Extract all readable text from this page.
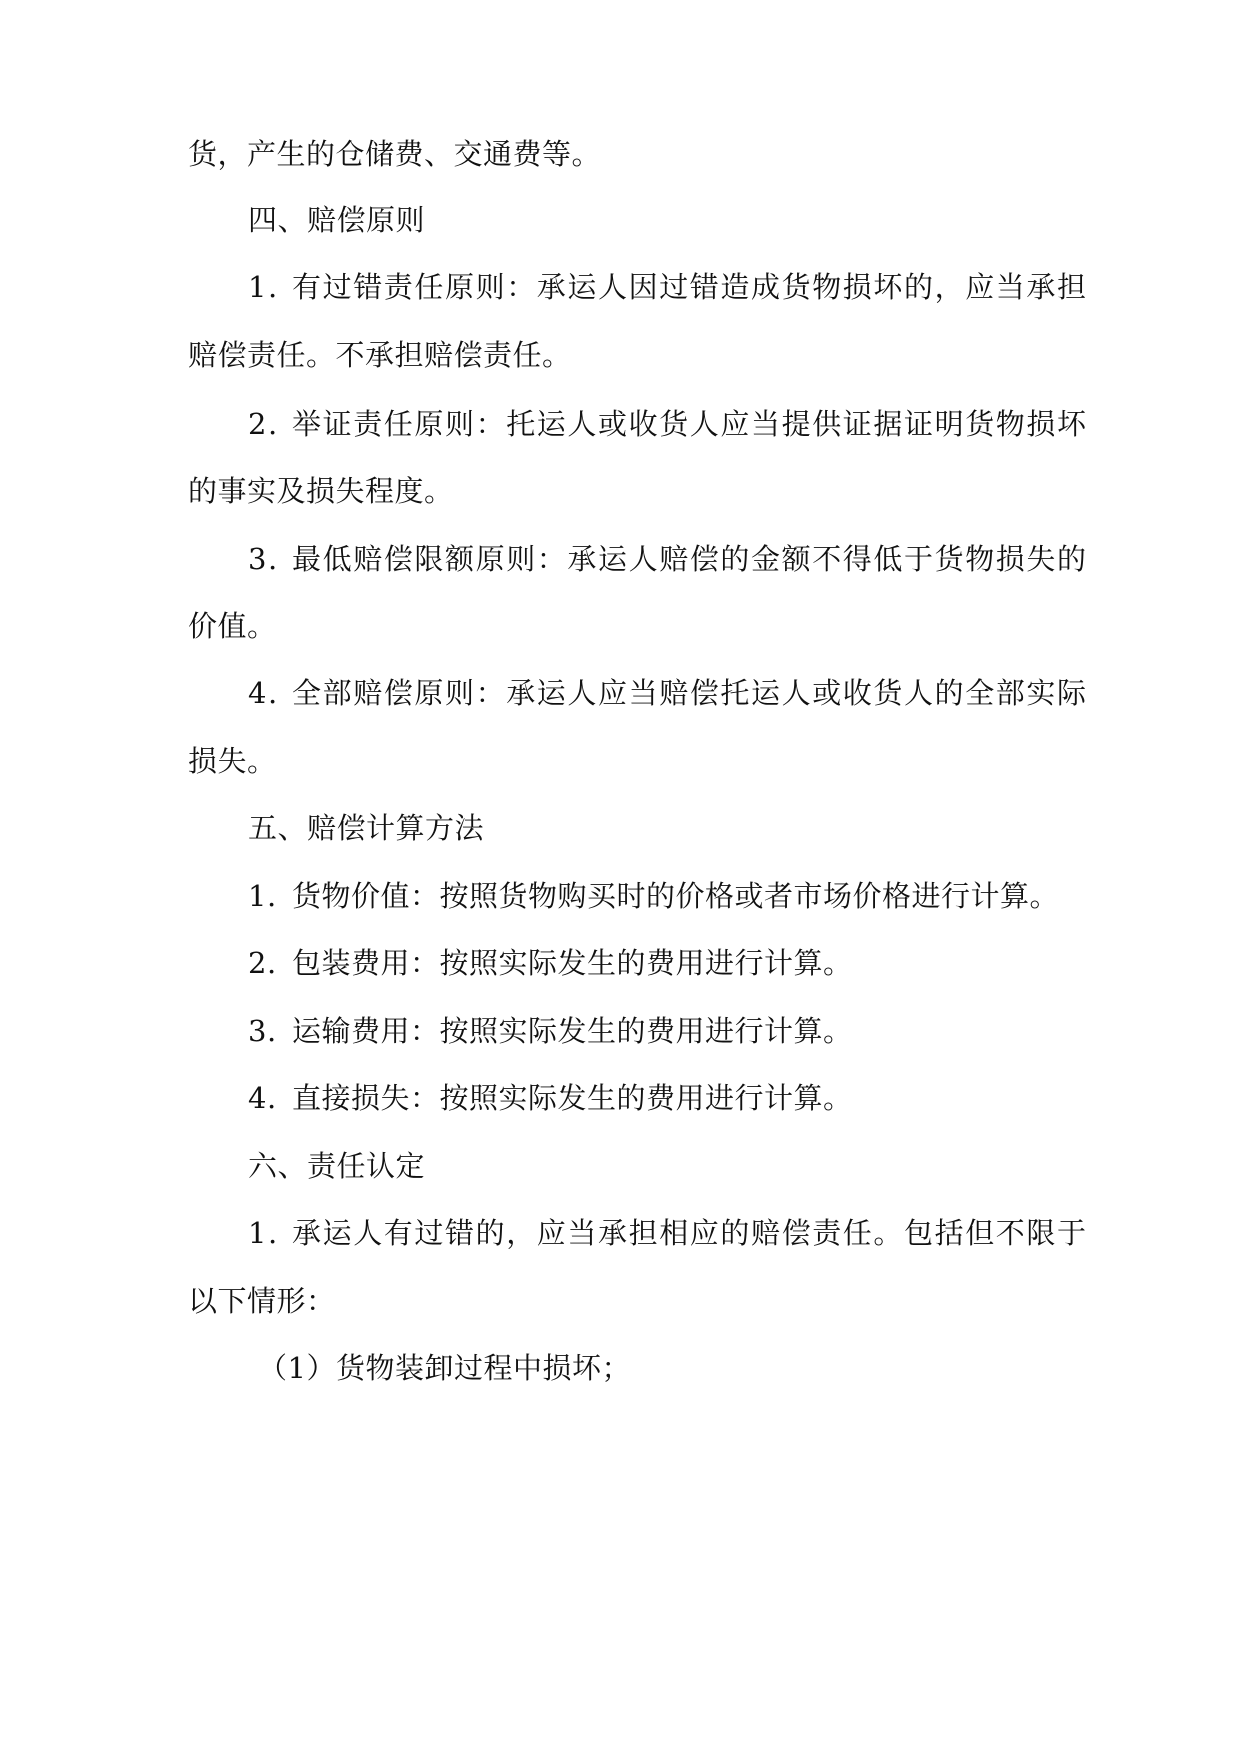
货，产生的仓储费、交通费等。
四、赔偿原则
1. 有过错责任原则：承运人因过错造成货物损坏的，应当承担
赔偿责任。不承担赔偿责任。
2. 举证责任原则：托运人或收货人应当提供证据证明货物损坏
的事实及损失程度。
3. 最低赔偿限额原则：承运人赔偿的金额不得低于货物损失的
价值。
4. 全部赔偿原则：承运人应当赔偿托运人或收货人的全部实际
损失。
五、赔偿计算方法
1. 货物价值：按照货物购买时的价格或者市场价格进行计算。
2. 包装费用：按照实际发生的费用进行计算。
3. 运输费用：按照实际发生的费用进行计算。
4. 直接损失：按照实际发生的费用进行计算。
六、责任认定
1. 承运人有过错的，应当承担相应的赔偿责任。包括但不限于
以下情形：
（1）货物装卸过程中损坏；
